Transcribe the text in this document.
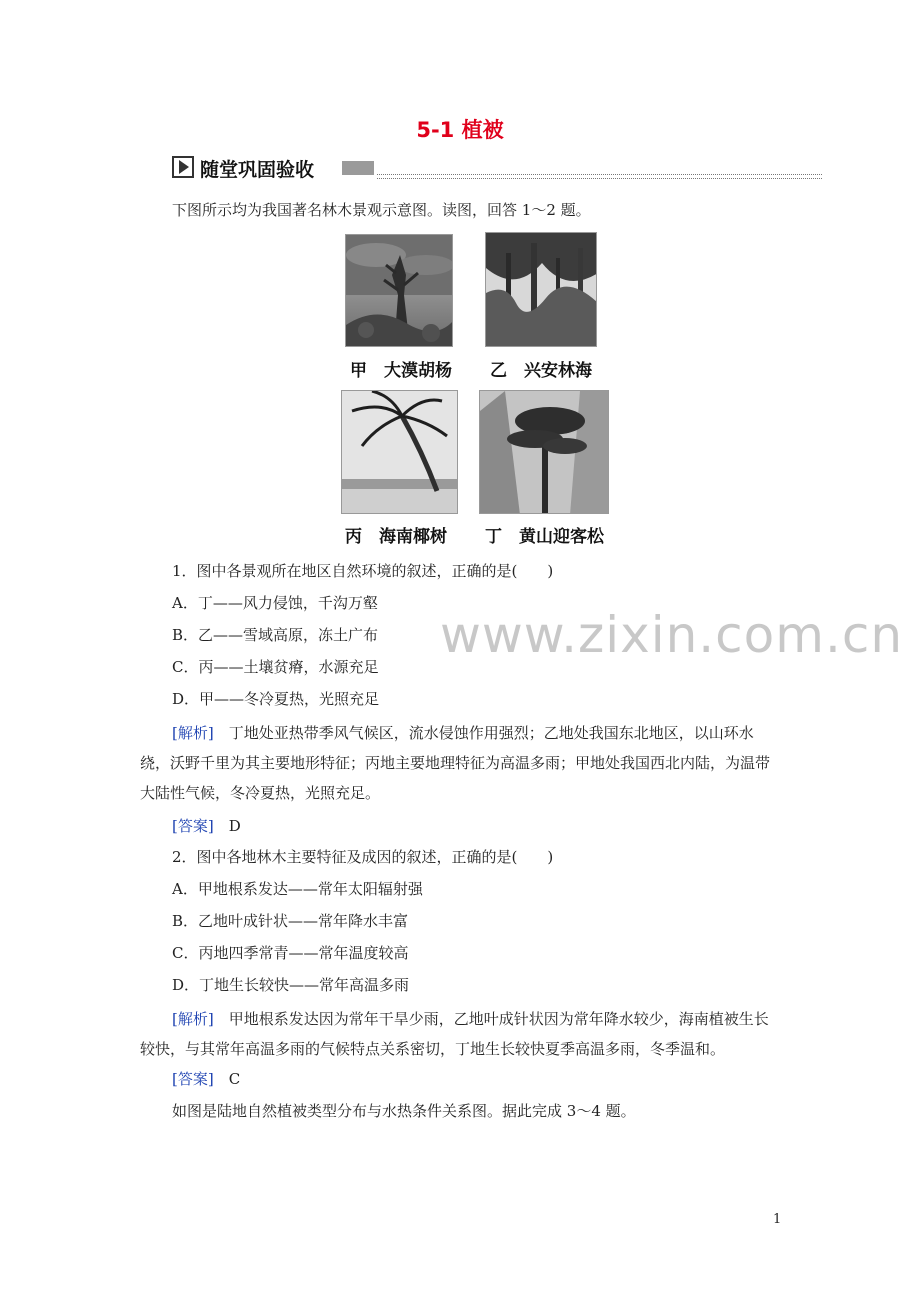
5-1 植被
随堂巩固验收
下图所示均为我国著名林木景观示意图。读图，回答 1～2 题。
甲　大漠胡杨 乙　兴安林海
丙　海南椰树 丁　黄山迎客松
1．图中各景观所在地区自然环境的叙述，正确的是(　　)
A．丁——风力侵蚀，千沟万壑
B．乙——雪域高原，冻土广布
C．丙——土壤贫瘠，水源充足
D．甲——冬冷夏热，光照充足
[解析]　 丁地处亚热带季风气候区，流水侵蚀作用强烈；乙地处我国东北地区，以山环水绕，沃野千里为其主要地形特征；丙地主要地理特征为高温多雨；甲地处我国西北内陆，为温带大陆性气候，冬冷夏热，光照充足。
[答案]　 D
2．图中各地林木主要特征及成因的叙述，正确的是(　　)
A．甲地根系发达——常年太阳辐射强
B．乙地叶成针状——常年降水丰富
C．丙地四季常青——常年温度较高
D．丁地生长较快——常年高温多雨
[解析]　 甲地根系发达因为常年干旱少雨，乙地叶成针状因为常年降水较少，海南植被生长较快，与其常年高温多雨的气候特点关系密切，丁地生长较快夏季高温多雨，冬季温和。
[答案]　 C
如图是陆地自然植被类型分布与水热条件关系图。据此完成 3～4 题。
www.zixin.com.cn
1
